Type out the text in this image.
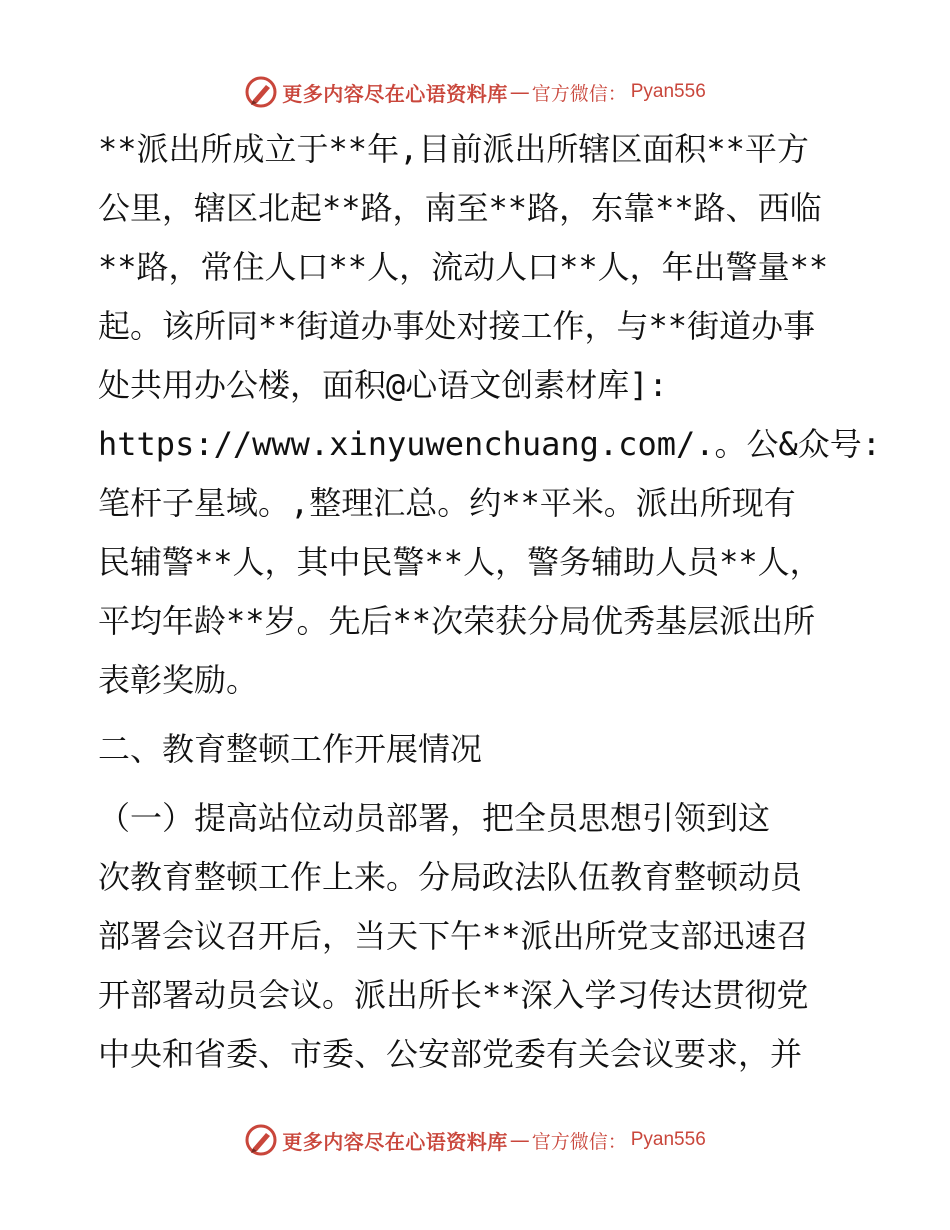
更多内容尽在心语资料库 — 官方微信： Pyan556
**派出所成立于**年,目前派出所辖区面积**平方
公里，辖区北起**路，南至**路，东靠**路、西临
**路，常住人口**人，流动人口**人，年出警量**
起。该所同**街道办事处对接工作，与**街道办事
处共用办公楼，面积@心语文创素材库]:
https://www.xinyuwenchuang.com/.。公&众号:
笔杆子星域。,整理汇总。约**平米。派出所现有
民辅警**人，其中民警**人，警务辅助人员**人，
平均年龄**岁。先后**次荣获分局优秀基层派出所
表彰奖励。
二、教育整顿工作开展情况
（一）提高站位动员部署，把全员思想引领到这
次教育整顿工作上来。分局政法队伍教育整顿动员
部署会议召开后，当天下午**派出所党支部迅速召
开部署动员会议。派出所长**深入学习传达贯彻党
中央和省委、市委、公安部党委有关会议要求，并
更多内容尽在心语资料库 — 官方微信： Pyan556
